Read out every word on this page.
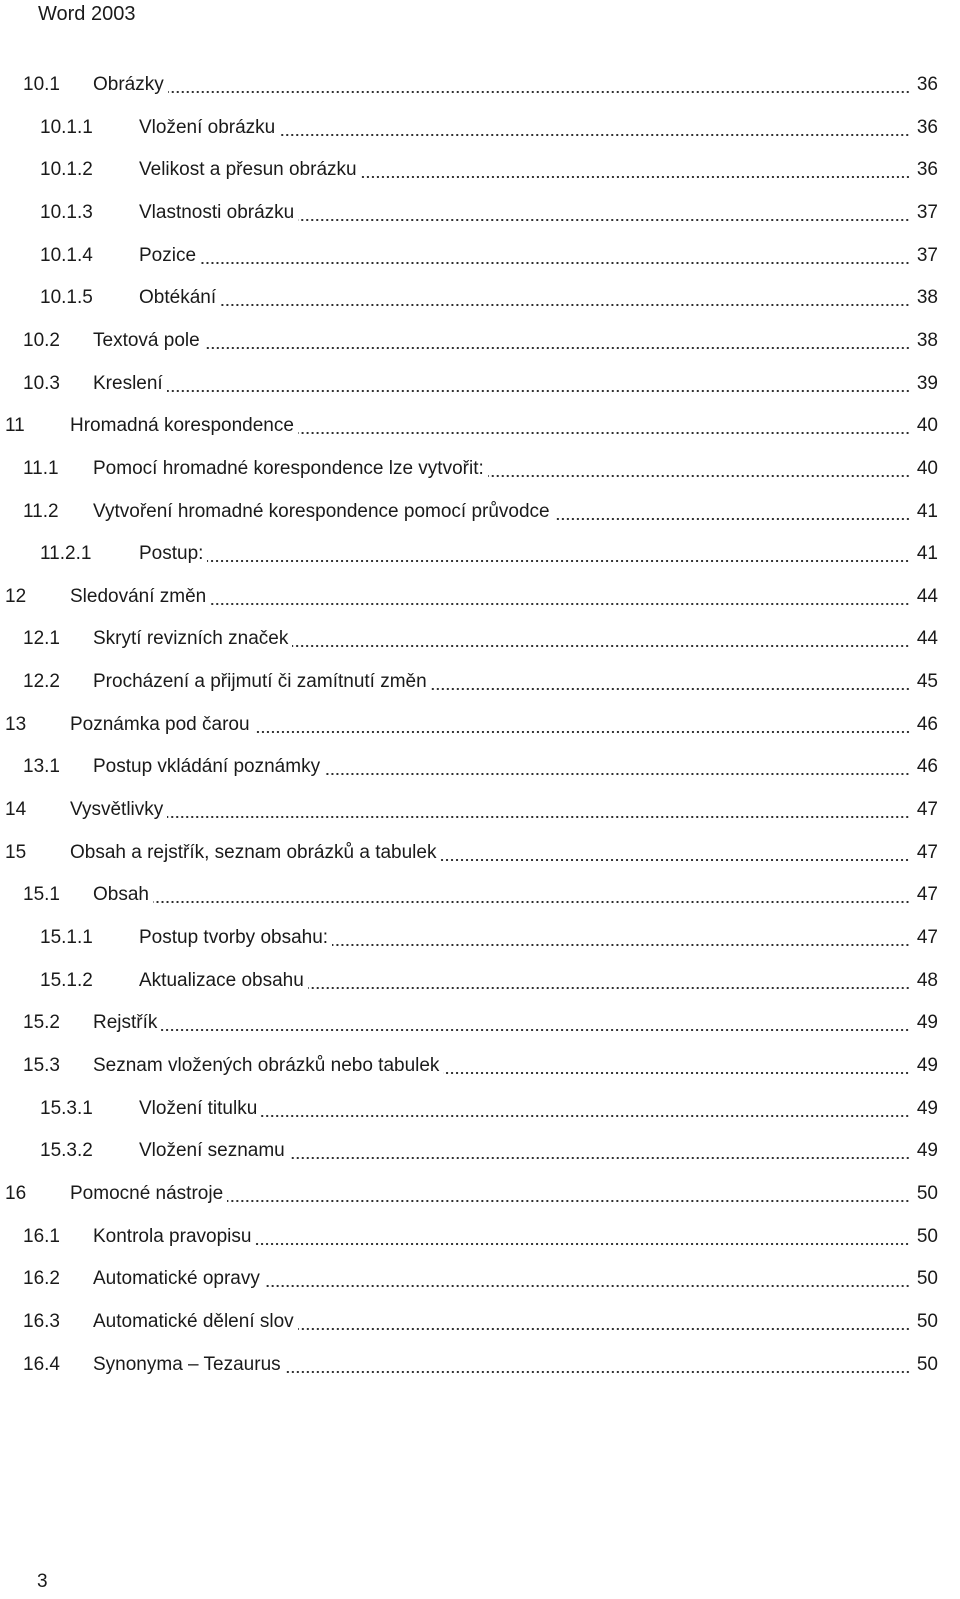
Word 2003
10.1	Obrázky	36
10.1.1	Vložení obrázku	36
10.1.2	Velikost a přesun obrázku	36
10.1.3	Vlastnosti obrázku	37
10.1.4	Pozice	37
10.1.5	Obtékání	38
10.2	Textová pole	38
10.3	Kreslení	39
11	Hromadná korespondence	40
11.1	Pomocí hromadné korespondence lze vytvořit:	40
11.2	Vytvoření hromadné korespondence pomocí průvodce	41
11.2.1	Postup:	41
12	Sledování změn	44
12.1	Skrytí revizních značek	44
12.2	Procházení a přijmutí či zamítnutí změn	45
13	Poznámka pod čarou	46
13.1	Postup vkládání poznámky	46
14	Vysvětlivky	47
15	Obsah a rejstřík, seznam obrázků a tabulek	47
15.1	Obsah	47
15.1.1	Postup tvorby obsahu:	47
15.1.2	Aktualizace obsahu	48
15.2	Rejstřík	49
15.3	Seznam vložených obrázků nebo tabulek	49
15.3.1	Vložení titulku	49
15.3.2	Vložení seznamu	49
16	Pomocné nástroje	50
16.1	Kontrola pravopisu	50
16.2	Automatické opravy	50
16.3	Automatické dělení slov	50
16.4	Synonyma – Tezaurus	50
3
